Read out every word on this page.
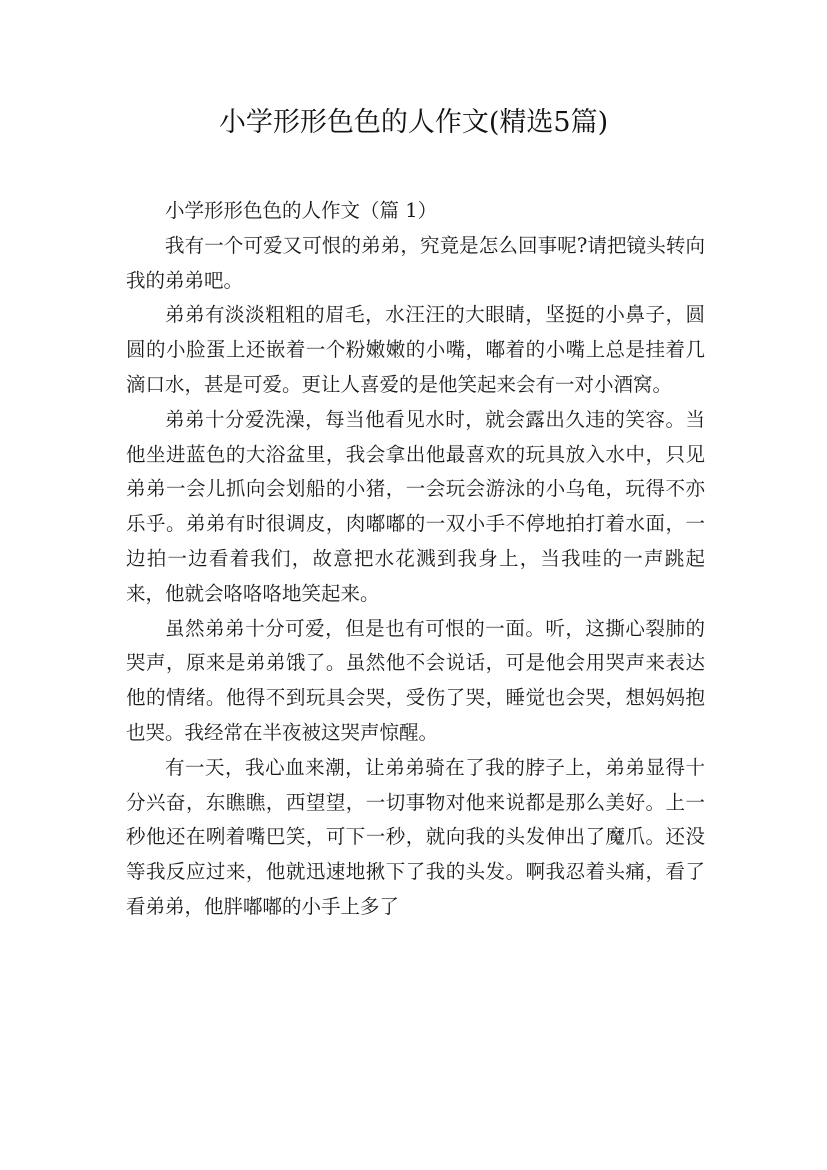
小学形形色色的人作文(精选5篇)

小学形形色色的人作文（篇 1）

我有一个可爱又可恨的弟弟，究竟是怎么回事呢?请把镜头转向我的弟弟吧。

弟弟有淡淡粗粗的眉毛，水汪汪的大眼睛，坚挺的小鼻子，圆圆的小脸蛋上还嵌着一个粉嫩嫩的小嘴，嘟着的小嘴上总是挂着几滴口水，甚是可爱。更让人喜爱的是他笑起来会有一对小酒窝。

弟弟十分爱洗澡，每当他看见水时，就会露出久违的笑容。当他坐进蓝色的大浴盆里，我会拿出他最喜欢的玩具放入水中，只见弟弟一会儿抓向会划船的小猪，一会玩会游泳的小乌龟，玩得不亦乐乎。弟弟有时很调皮，肉嘟嘟的一双小手不停地拍打着水面，一边拍一边看着我们，故意把水花溅到我身上，当我哇的一声跳起来，他就会咯咯咯地笑起来。

虽然弟弟十分可爱，但是也有可恨的一面。听，这撕心裂肺的哭声，原来是弟弟饿了。虽然他不会说话，可是他会用哭声来表达他的情绪。他得不到玩具会哭，受伤了哭，睡觉也会哭，想妈妈抱也哭。我经常在半夜被这哭声惊醒。

有一天，我心血来潮，让弟弟骑在了我的脖子上，弟弟显得十分兴奋，东瞧瞧，西望望，一切事物对他来说都是那么美好。上一秒他还在咧着嘴巴笑，可下一秒，就向我的头发伸出了魔爪。还没等我反应过来，他就迅速地揪下了我的头发。啊我忍着头痛，看了看弟弟，他胖嘟嘟的小手上多了
